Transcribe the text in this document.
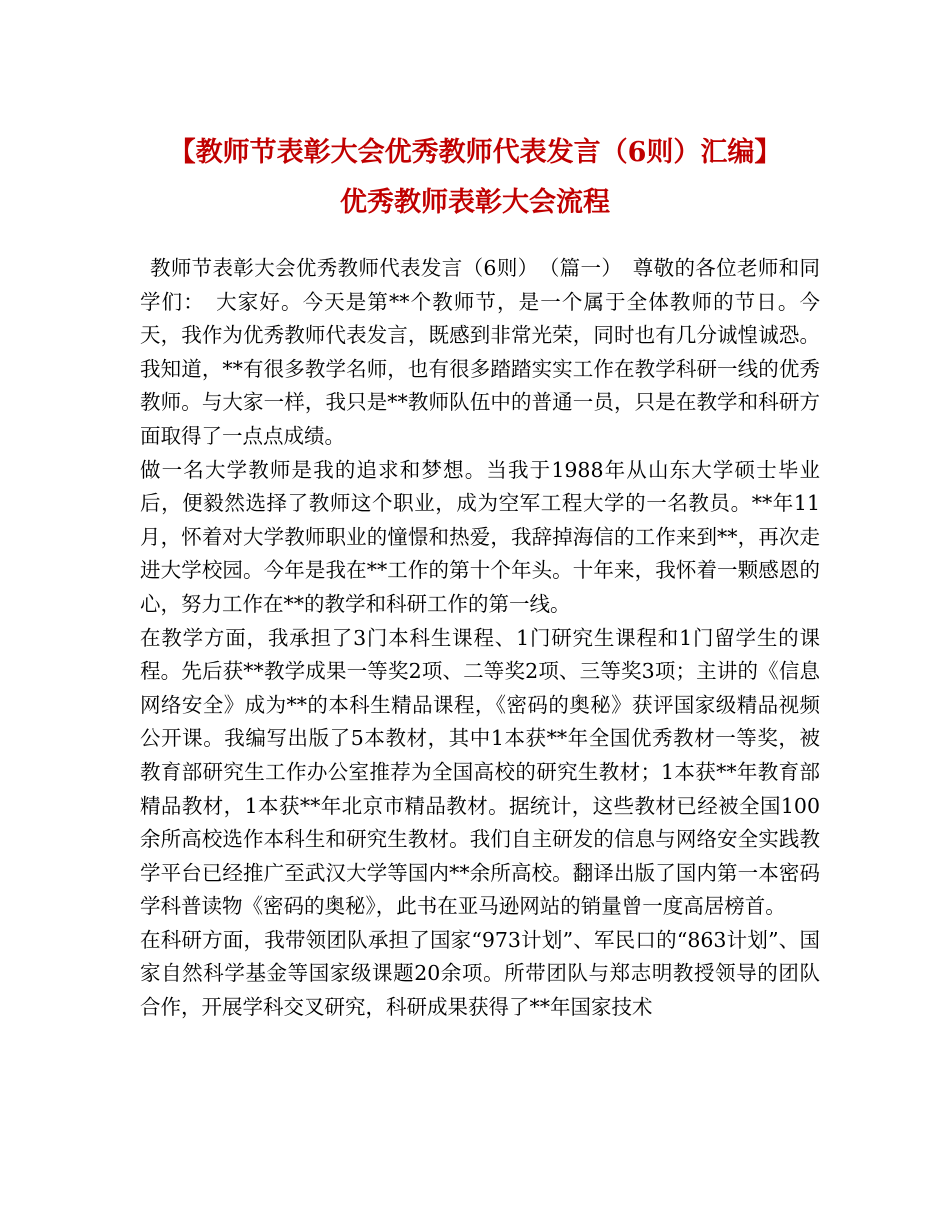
【教师节表彰大会优秀教师代表发言（6则）汇编】
优秀教师表彰大会流程

教师节表彰大会优秀教师代表发言（6则）　（篇一）　尊敬的各位老师和同学们：　大家好。今天是第**个教师节，是一个属于全体教师的节日。今天，我作为优秀教师代表发言，既感到非常光荣，同时也有几分诚惶诚恐。我知道，**有很多教学名师，也有很多踏踏实实工作在教学科研一线的优秀教师。与大家一样，我只是**教师队伍中的普通一员，只是在教学和科研方面取得了一点点成绩。

做一名大学教师是我的追求和梦想。当我于1988年从山东大学硕士毕业后，便毅然选择了教师这个职业，成为空军工程大学的一名教员。**年11月，怀着对大学教师职业的憧憬和热爱，我辞掉海信的工作来到**，再次走进大学校园。今年是我在**工作的第十个年头。十年来，我怀着一颗感恩的心，努力工作在**的教学和科研工作的第一线。

在教学方面，我承担了3门本科生课程、1门研究生课程和1门留学生的课程。先后获**教学成果一等奖2项、二等奖2项、三等奖3项；主讲的《信息网络安全》成为**的本科生精品课程，《密码的奥秘》获评国家级精品视频公开课。我编写出版了5本教材，其中1本获**年全国优秀教材一等奖，被教育部研究生工作办公室推荐为全国高校的研究生教材；1本获**年教育部精品教材，1本获**年北京市精品教材。据统计，这些教材已经被全国100余所高校选作本科生和研究生教材。我们自主研发的信息与网络安全实践教学平台已经推广至武汉大学等国内**余所高校。翻译出版了国内第一本密码学科普读物《密码的奥秘》，此书在亚马逊网站的销量曾一度高居榜首。

在科研方面，我带领团队承担了国家“973计划”、军民口的“863计划”、国家自然科学基金等国家级课题20余项。所带团队与郑志明教授领导的团队合作，开展学科交叉研究，科研成果获得了**年国家技术
